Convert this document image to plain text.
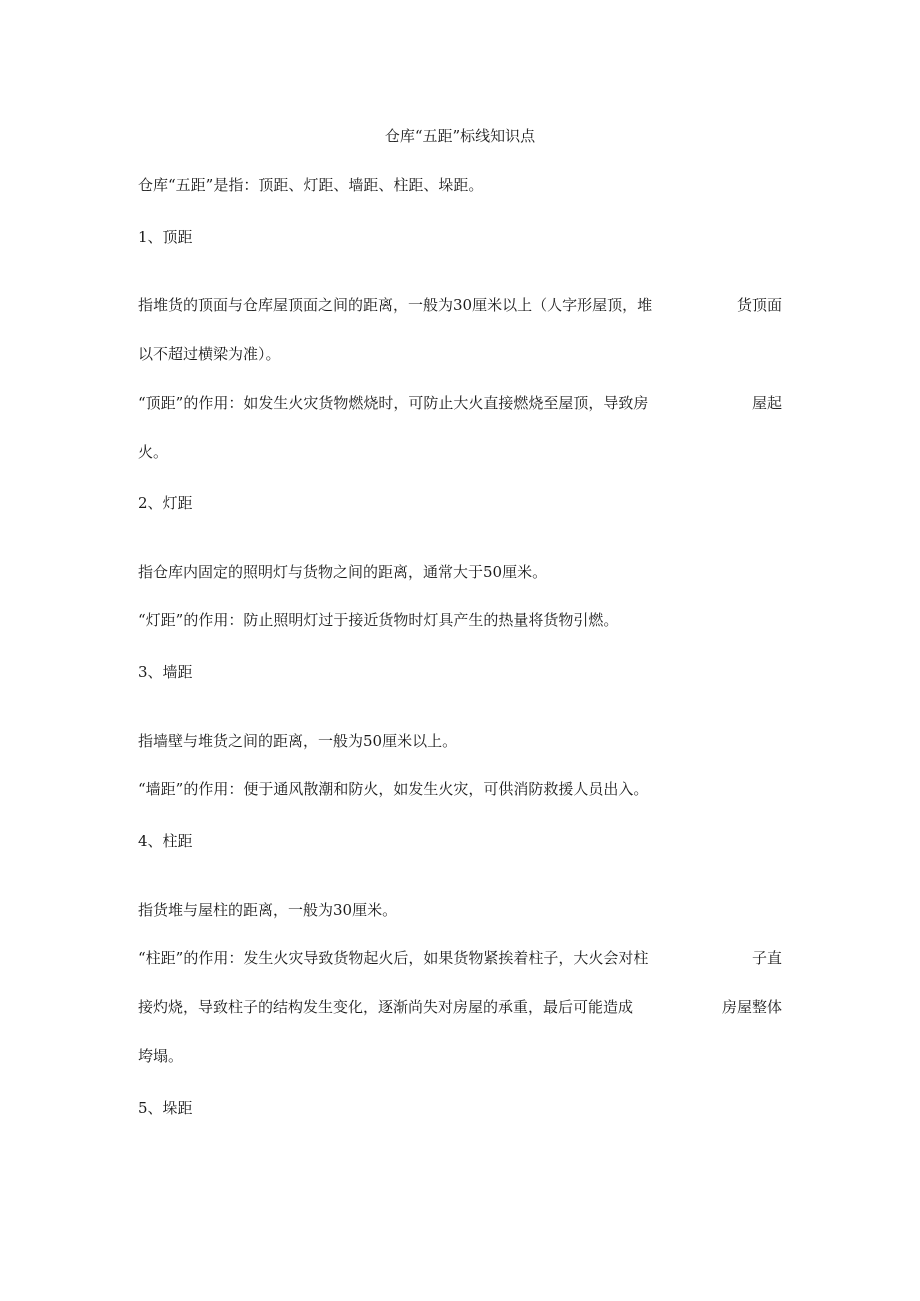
仓库“五距”标线知识点
仓库“五距”是指：顶距、灯距、墙距、柱距、垛距。
1、顶距
指堆货的顶面与仓库屋顶面之间的距离，一般为30厘米以上（人字形屋顶，堆	货顶面
以不超过横梁为准）。
“顶距”的作用：如发生火灾货物燃烧时，可防止大火直接燃烧至屋顶，导致房	屋起
火。
2、灯距
指仓库内固定的照明灯与货物之间的距离，通常大于50厘米。
“灯距”的作用：防止照明灯过于接近货物时灯具产生的热量将货物引燃。
3、墙距
指墙壁与堆货之间的距离，一般为50厘米以上。
“墙距”的作用：便于通风散潮和防火，如发生火灾，可供消防救援人员出入。
4、柱距
指货堆与屋柱的距离，一般为30厘米。
“柱距”的作用：发生火灾导致货物起火后，如果货物紧挨着柱子，大火会对柱	子直
接灼烧，导致柱子的结构发生变化，逐渐尚失对房屋的承重，最后可能造成	房屋整体
垮塌。
5、垛距
